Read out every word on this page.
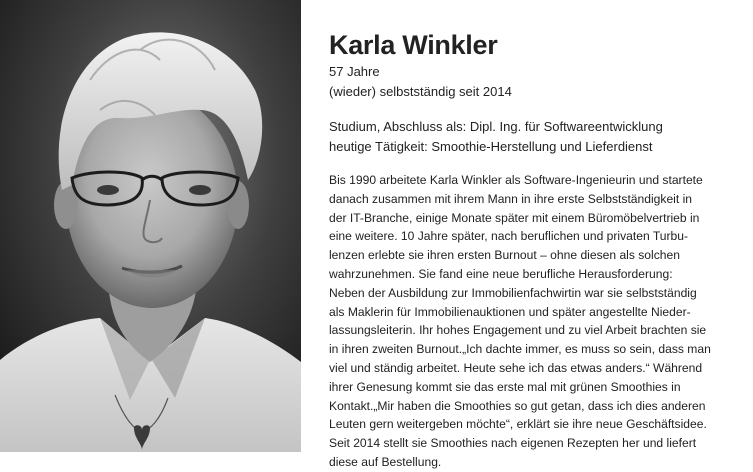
Karla Winkler
57 Jahre
(wieder) selbstständig seit 2014
Studium, Abschluss als: Dipl. Ing. für Softwareentwicklung
heutige Tätigkeit: Smoothie-Herstellung und Lieferdienst
Bis 1990 arbeitete Karla Winkler als Software-Ingenieurin und startete
danach zusammen mit ihrem Mann in ihre erste Selbstständigkeit in
der IT-Branche, einige Monate später mit einem Büromöbelvertrieb in
eine weitere. 10 Jahre später, nach beruflichen und privaten Turbu-
lenzen erlebte sie ihren ersten Burnout – ohne diesen als solchen
wahrzunehmen. Sie fand eine neue berufliche Herausforderung:
Neben der Ausbildung zur Immobilienfachwirtin war sie selbstständig
als Maklerin für Immobilienauktionen und später angestellte Nieder-
lassungsleiterin. Ihr hohes Engagement und zu viel Arbeit brachten sie
in ihren zweiten Burnout.„Ich dachte immer, es muss so sein, dass man
viel und ständig arbeitet. Heute sehe ich das etwas anders.“ Während
ihrer Genesung kommt sie das erste mal mit grünen Smoothies in
Kontakt.„Mir haben die Smoothies so gut getan, dass ich dies anderen
Leuten gern weitergeben möchte“, erklärt sie ihre neue Geschäftsidee.
Seit 2014 stellt sie Smoothies nach eigenen Rezepten her und liefert
diese auf Bestellung.
